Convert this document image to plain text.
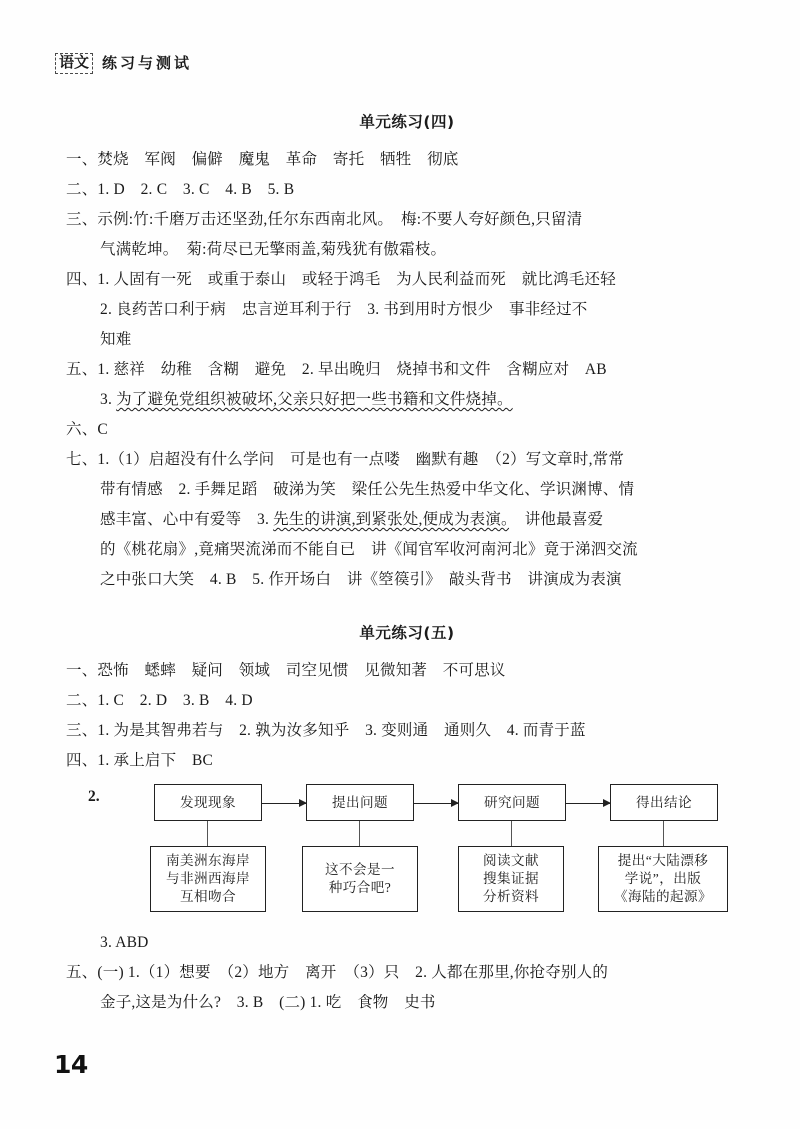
语文 练习与测试
单元练习(四)

一、焚烧　军阀　偏僻　魔鬼　革命　寄托　牺牲　彻底

二、1. D　2. C　3. C　4. B　5. B

三、示例:竹:千磨万击还坚劲,任尔东西南北风。　梅:不要人夸好颜色,只留清

气满乾坤。　菊:荷尽已无擎雨盖,菊残犹有傲霜枝。

四、1. 人固有一死　或重于泰山　或轻于鸿毛　为人民利益而死　就比鸿毛还轻

2. 良药苦口利于病　忠言逆耳利于行　3. 书到用时方恨少　事非经过不

知难

五、1. 慈祥　幼稚　含糊　避免　2. 早出晚归　烧掉书和文件　含糊应对　AB

3. 为了避免党组织被破坏,父亲只好把一些书籍和文件烧掉。

六、C

七、1.（1）启超没有什么学问　可是也有一点喽　幽默有趣　（2）写文章时,常常

带有情感　2. 手舞足蹈　破涕为笑　梁任公先生热爱中华文化、学识渊博、情

感丰富、心中有爱等　3. 先生的讲演,到紧张处,便成为表演。　讲他最喜爱

的《桃花扇》,竟痛哭流涕而不能自已　讲《闻官军收河南河北》竟于涕泗交流

之中张口大笑　4. B　5. 作开场白　讲《箜篌引》　敲头背书　讲演成为表演

单元练习(五)

一、恐怖　蟋蟀　疑问　领域　司空见惯　见微知著　不可思议

二、1. C　2. D　3. B　4. D

三、1. 为是其智弗若与　2. 孰为汝多知乎　3. 变则通　通则久　4. 而青于蓝

四、1. 承上启下　BC

2.	发现现象	提出问题	研究问题	得出结论
南美洲东海岸
与非洲西海岸
互相吻合
这不会是一
种巧合吧?
阅读文献
搜集证据
分析资料
提出“大陆漂移
学说”，出版
《海陆的起源》

3. ABD

五、(一) 1.（1）想要　（2）地方　离开　（3）只　2. 人都在那里,你抢夺别人的

金子,这是为什么?　3. B　(二) 1. 吃　食物　史书

14
